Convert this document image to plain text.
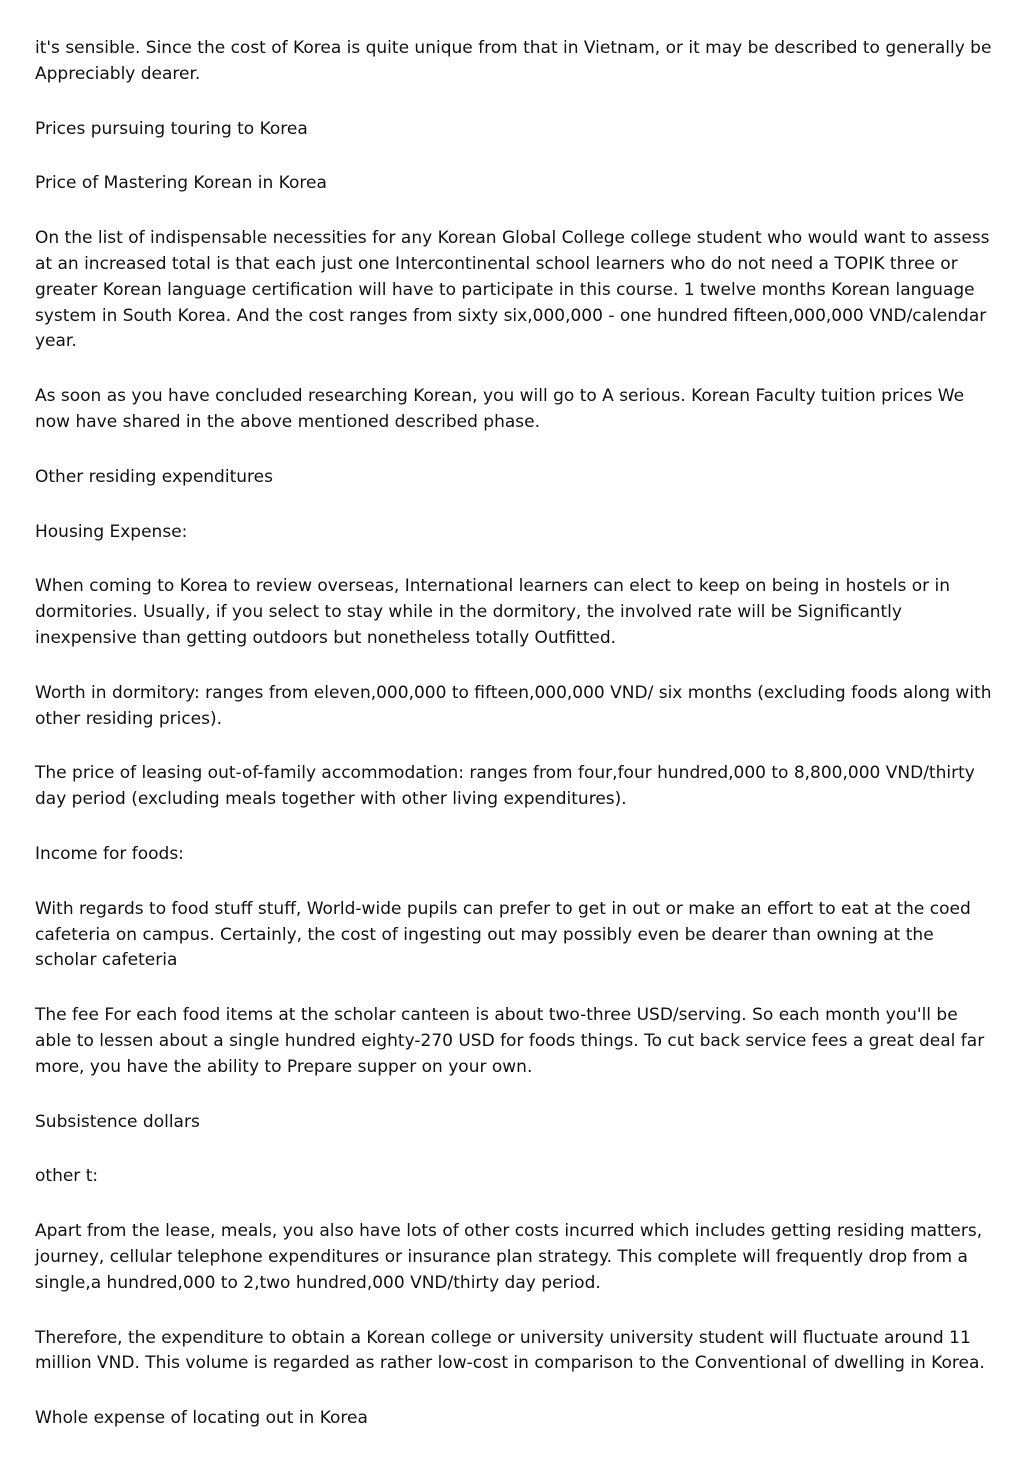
it's sensible. Since the cost of Korea is quite unique from that in Vietnam, or it may be described to generally be Appreciably dearer.

Prices pursuing touring to Korea

Price of Mastering Korean in Korea

On the list of indispensable necessities for any Korean Global College college student who would want to assess at an increased total is that each just one Intercontinental school learners who do not need a TOPIK three or greater Korean language certification will have to participate in this course. 1 twelve months Korean language system in South Korea. And the cost ranges from sixty six,000,000 - one hundred fifteen,000,000 VND/calendar year.

As soon as you have concluded researching Korean, you will go to A serious. Korean Faculty tuition prices We now have shared in the above mentioned described phase.

Other residing expenditures

Housing Expense:

When coming to Korea to review overseas, International learners can elect to keep on being in hostels or in dormitories. Usually, if you select to stay while in the dormitory, the involved rate will be Significantly inexpensive than getting outdoors but nonetheless totally Outfitted.

Worth in dormitory: ranges from eleven,000,000 to fifteen,000,000 VND/ six months (excluding foods along with other residing prices).

The price of leasing out-of-family accommodation: ranges from four,four hundred,000 to 8,800,000 VND/thirty day period (excluding meals together with other living expenditures).

Income for foods:

With regards to food stuff stuff, World-wide pupils can prefer to get in out or make an effort to eat at the coed cafeteria on campus. Certainly, the cost of ingesting out may possibly even be dearer than owning at the scholar cafeteria

The fee For each food items at the scholar canteen is about two-three USD/serving. So each month you'll be able to lessen about a single hundred eighty-270 USD for foods things. To cut back service fees a great deal far more, you have the ability to Prepare supper on your own.

Subsistence dollars

other t:

Apart from the lease, meals, you also have lots of other costs incurred which includes getting residing matters, journey, cellular telephone expenditures or insurance plan strategy. This complete will frequently drop from a single,a hundred,000 to 2,two hundred,000 VND/thirty day period.

Therefore, the expenditure to obtain a Korean college or university university student will fluctuate around 11 million VND. This volume is regarded as rather low-cost in comparison to the Conventional of dwelling in Korea.

Whole expense of locating out in Korea
